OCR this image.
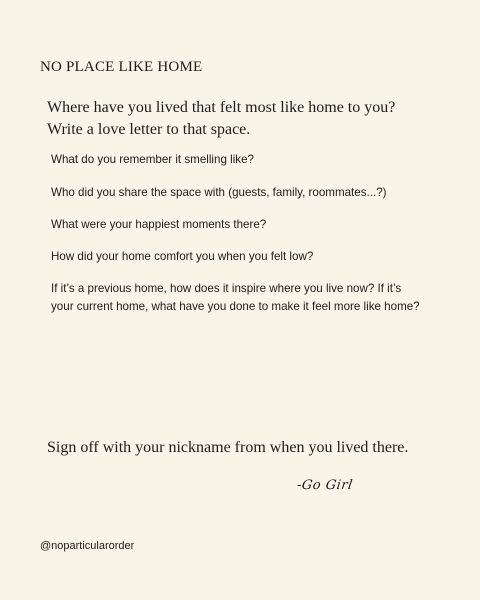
NO PLACE LIKE HOME
Where have you lived that felt most like home to you?
Write a love letter to that space.
What do you remember it smelling like?
Who did you share the space with (guests, family, roommates...?)
What were your happiest moments there?
How did your home comfort you when you felt low?
If it’s a previous home, how does it inspire where you live now? If it’s
your current home, what have you done to make it feel more like home?
Sign off with your nickname from when you lived there.
-Go Girl
@noparticularorder
